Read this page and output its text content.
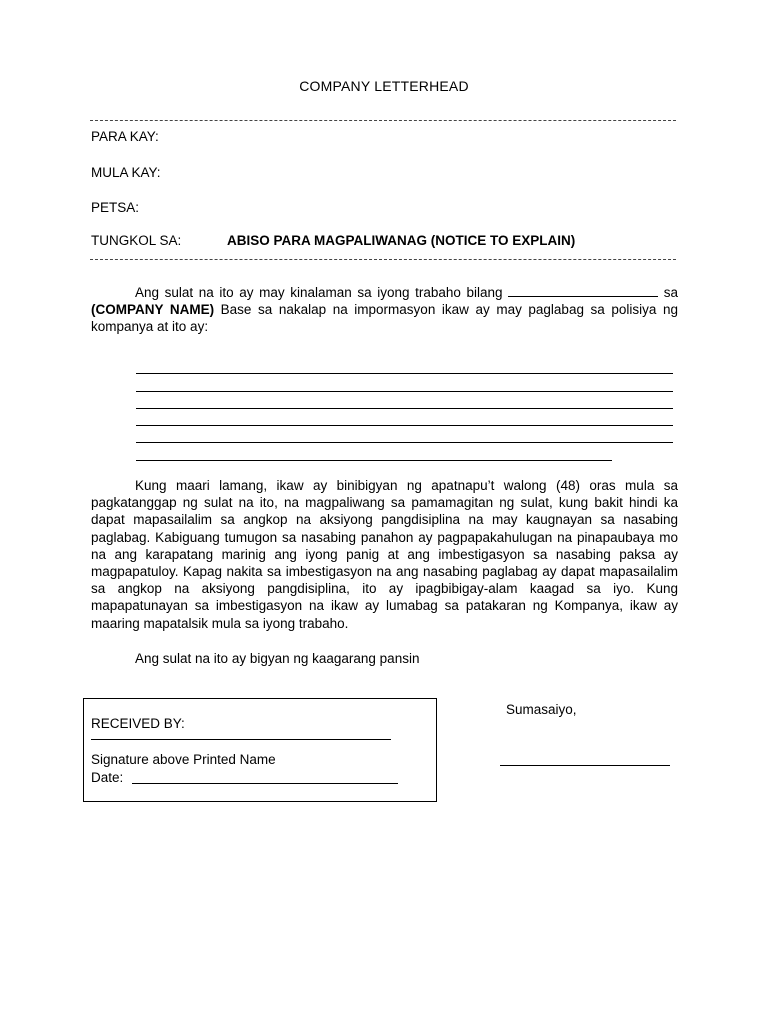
COMPANY LETTERHEAD
PARA KAY:
MULA KAY:
PETSA:
TUNGKOL SA:	ABISO PARA MAGPALIWANAG (NOTICE TO EXPLAIN)
Ang sulat na ito ay may kinalaman sa iyong trabaho bilang	sa (COMPANY NAME) Base sa nakalap na impormasyon ikaw ay may paglabag sa polisiya ng kompanya at ito ay:
Kung maari lamang, ikaw ay binibigyan ng apatnapu’t walong (48) oras mula sa pagkatanggap ng sulat na ito, na magpaliwang sa pamamagitan ng sulat, kung bakit hindi ka dapat mapasailalim sa angkop na aksiyong pangdisiplina na may kaugnayan sa nasabing paglabag. Kabiguang tumugon sa nasabing panahon ay pagpapakahulugan na pinapaubaya mo na ang karapatang marinig ang iyong panig at ang imbestigasyon sa nasabing paksa ay magpapatuloy. Kapag nakita sa imbestigasyon na ang nasabing paglabag ay dapat mapasailalim sa angkop na aksiyong pangdisiplina, ito ay ipagbibigay-alam kaagad sa iyo. Kung mapapatunayan sa imbestigasyon na ikaw ay lumabag sa patakaran ng Kompanya, ikaw ay maaring mapatalsik mula sa iyong trabaho.
Ang sulat na ito ay bigyan ng kaagarang pansin
RECEIVED BY:
Signature above Printed Name
Date:
Sumasaiyo,
